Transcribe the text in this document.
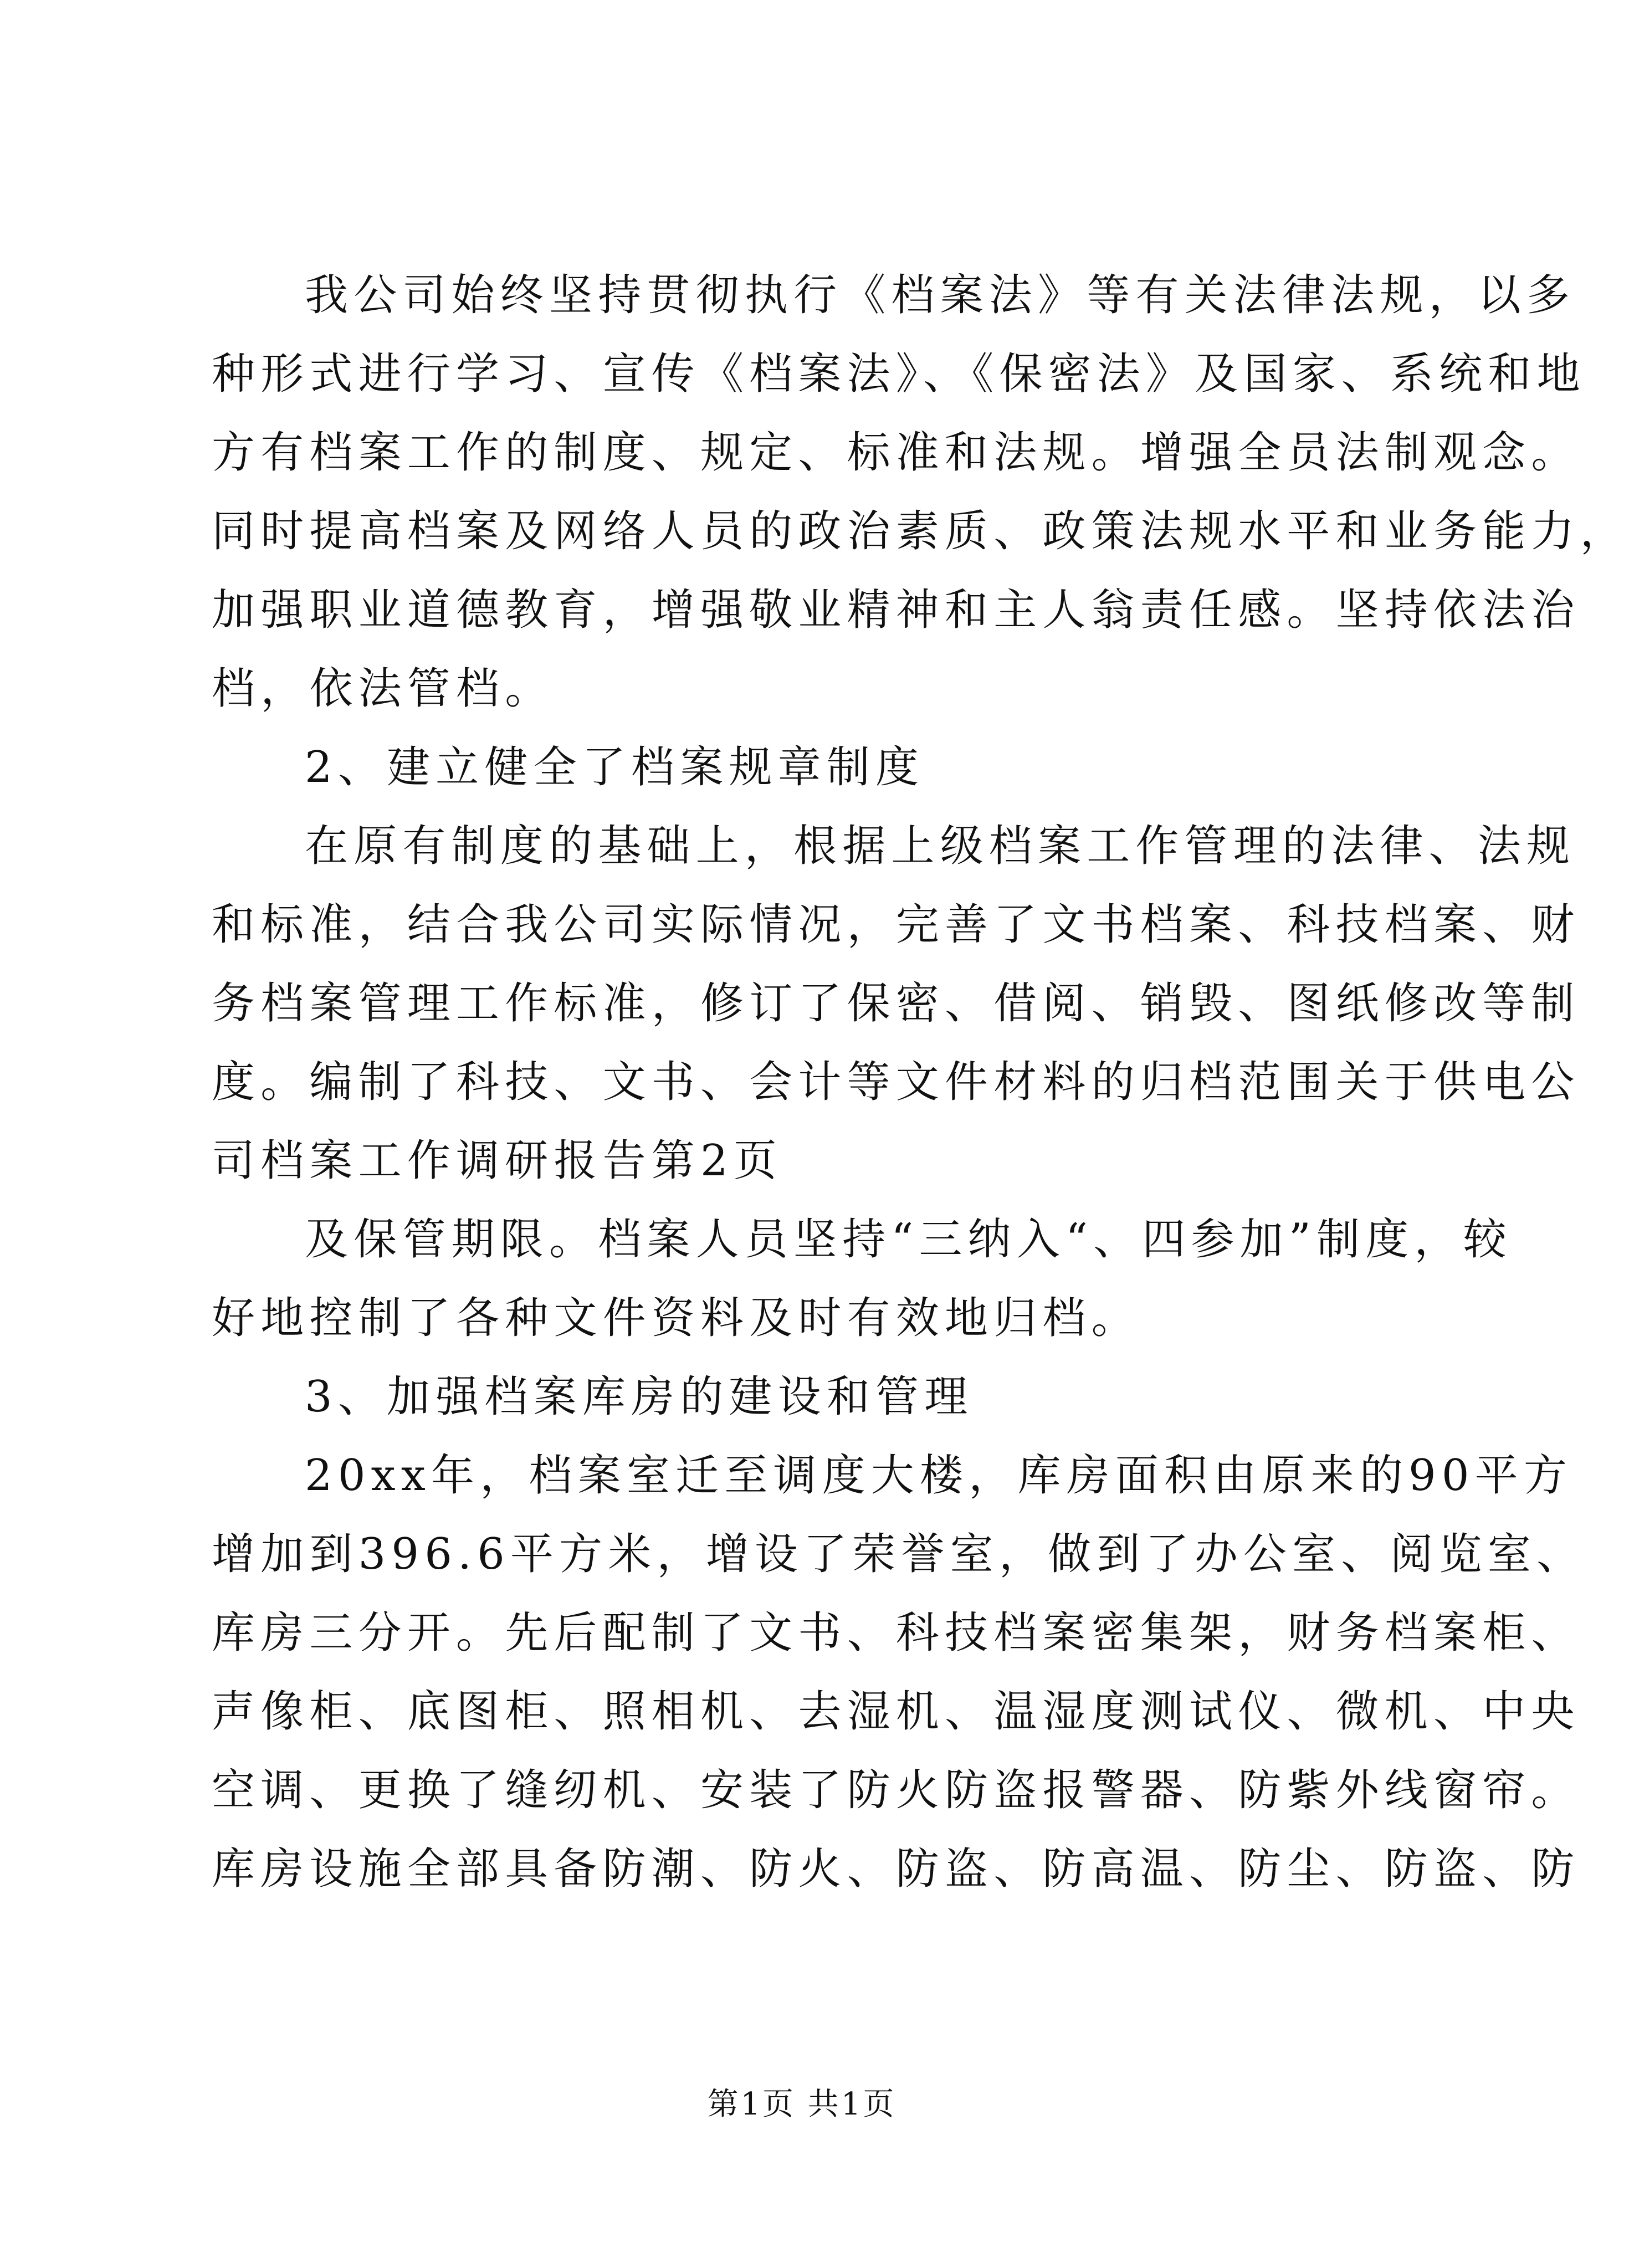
我公司始终坚持贯彻执行《档案法》等有关法律法规，以多
种形式进行学习、宣传《档案法》、《保密法》及国家、系统和地
方有档案工作的制度、规定、标准和法规。增强全员法制观念。
同时提高档案及网络人员的政治素质、政策法规水平和业务能力，
加强职业道德教育，增强敬业精神和主人翁责任感。坚持依法治
档，依法管档。
2、建立健全了档案规章制度
在原有制度的基础上，根据上级档案工作管理的法律、法规
和标准，结合我公司实际情况，完善了文书档案、科技档案、财
务档案管理工作标准，修订了保密、借阅、销毁、图纸修改等制
度。编制了科技、文书、会计等文件材料的归档范围关于供电公
司档案工作调研报告第2页
及保管期限。档案人员坚持“三纳入“、四参加”制度，较
好地控制了各种文件资料及时有效地归档。
3、加强档案库房的建设和管理
20xx年，档案室迁至调度大楼，库房面积由原来的90平方
增加到396.6平方米，增设了荣誉室，做到了办公室、阅览室、
库房三分开。先后配制了文书、科技档案密集架，财务档案柜、
声像柜、底图柜、照相机、去湿机、温湿度测试仪、微机、中央
空调、更换了缝纫机、安装了防火防盗报警器、防紫外线窗帘。
库房设施全部具备防潮、防火、防盗、防高温、防尘、防盗、防
第1页 共1页
